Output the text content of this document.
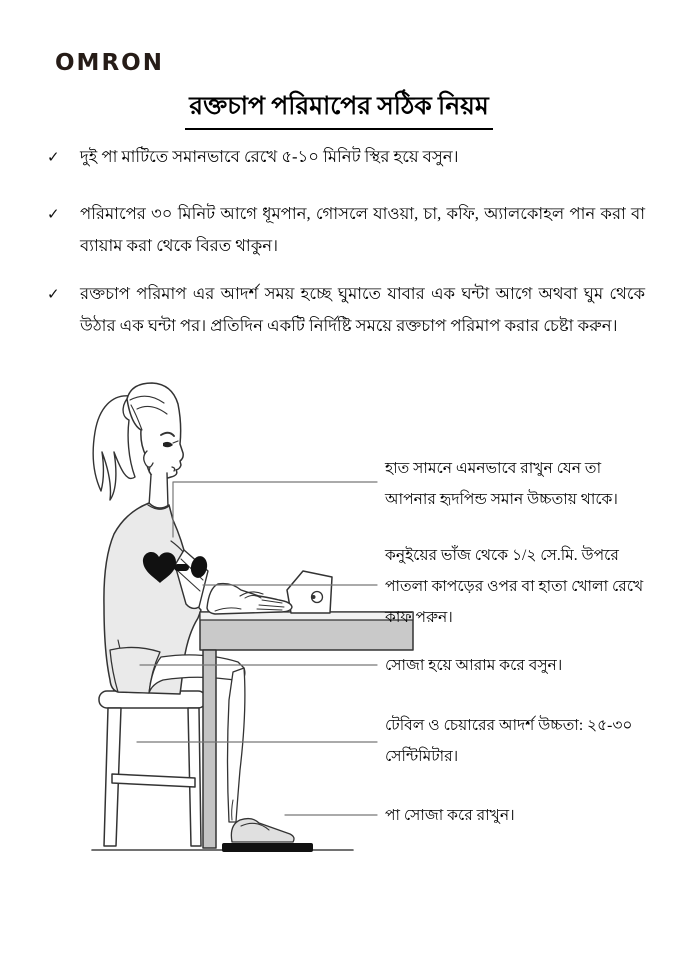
OMRON
রক্তচাপ পরিমাপের সঠিক নিয়ম
✓	দুই পা মাটিতে সমানভাবে রেখে ৫-১০ মিনিট স্থির হয়ে বসুন।

✓	পরিমাপের ৩০ মিনিট আগে ধূমপান, গোসলে যাওয়া, চা, কফি, অ্যালকোহল পান করা বা ব্যায়াম করা থেকে বিরত থাকুন।

✓	রক্তচাপ পরিমাপ এর আদর্শ সময় হচ্ছে ঘুমাতে যাবার এক ঘন্টা আগে অথবা ঘুম থেকে উঠার এক ঘন্টা পর। প্রতিদিন একটি নির্দিষ্টি সময়ে রক্তচাপ পরিমাপ করার চেষ্টা করুন।

হাত সামনে এমনভাবে রাখুন যেন তা আপনার হৃদপিন্ড সমান উচ্চতায় থাকে।
কনুইয়ের ভাঁজ থেকে ১/২ সে.মি. উপরে পাতলা কাপড়ের ওপর বা হাতা খোলা রেখে কাফ পরুন।
সোজা হয়ে আরাম করে বসুন।
টেবিল ও চেয়ারের আদর্শ উচ্চতা: ২৫-৩০ সেন্টিমিটার।
পা সোজা করে রাখুন।
